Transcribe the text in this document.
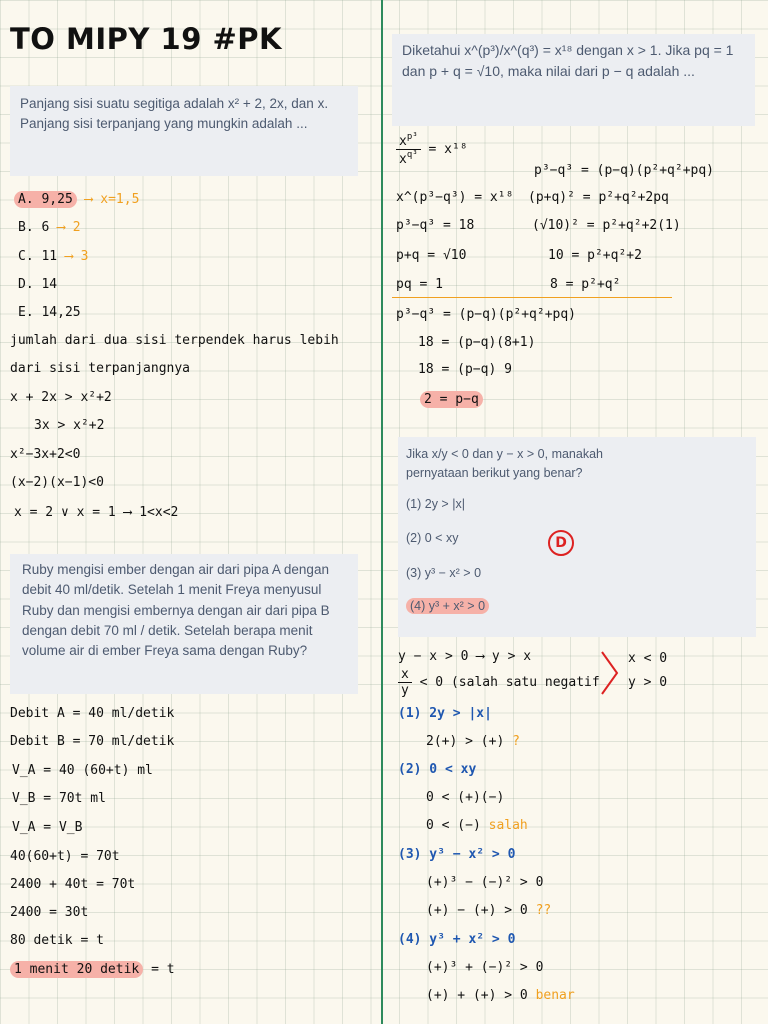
TO MIPY 19 #PK
Panjang sisi suatu segitiga adalah x² + 2, 2x, dan x. Panjang sisi terpanjang yang mungkin adalah ...
A. 9,25 ⟶ x=1,5
B. 6 ⟶ 2
C. 11 ⟶ 3
D. 14
E. 14,25
jumlah dari dua sisi terpendek harus lebih
dari sisi terpanjangnya
x + 2x > x²+2
3x > x²+2
x²−3x+2<0
(x−2)(x−1)<0
x = 2 ∨ x = 1 ⟶ 1<x<2
Ruby mengisi ember dengan air dari pipa A dengan debit 40 ml/detik. Setelah 1 menit Freya menyusul Ruby dan mengisi embernya dengan air dari pipa B dengan debit 70 ml / detik. Setelah berapa menit volume air di ember Freya sama dengan Ruby?
Debit A = 40 ml/detik
Debit B = 70 ml/detik
V_A = 40 (60+t) ml
V_B = 70t ml
V_A = V_B
40(60+t) = 70t
2400 + 40t = 70t
2400 = 30t
80 detik = t
1 menit 20 detik = t
Diketahui x^(p³)/x^(q³) = x¹⁸ dengan x > 1. Jika pq = 1 dan p + q = √10, maka nilai dari p − q adalah ...
$\frac{x^{p^3}}{x^{q^3}} = x^{18}$
x^(p³−q³) = x¹⁸
p³−q³ = 18
p+q = √10
pq = 1
p³−q³ = (p−q)(p²+q²+pq)
(p+q)² = p²+q²+2pq
(√10)² = p²+q²+2(1)
10 = p²+q²+2
8 = p²+q²
p³−q³ = (p−q)(p²+q²+pq)
18 = (p−q)(8+1)
18 = (p−q) 9
2 = p−q
Jika x/y < 0 dan y − x > 0, manakah pernyataan berikut yang benar?
(1) 2y > |x|
(2) 0 < xy
(3) y³ − x² > 0
(4) y³ + x² > 0
D
y − x > 0 ⟶ y > x
$\frac{x}{y} < 0$ (salah satu negatif
x < 0
y > 0
(1) 2y > |x|
2(+) > (+) ?
(2) 0 < xy
0 < (+)(−)
0 < (−) salah
(3) y³ − x² > 0
(+)³ − (−)² > 0
(+) − (+) > 0 ??
(4) y³ + x² > 0
(+)³ + (−)² > 0
(+) + (+) > 0 benar
